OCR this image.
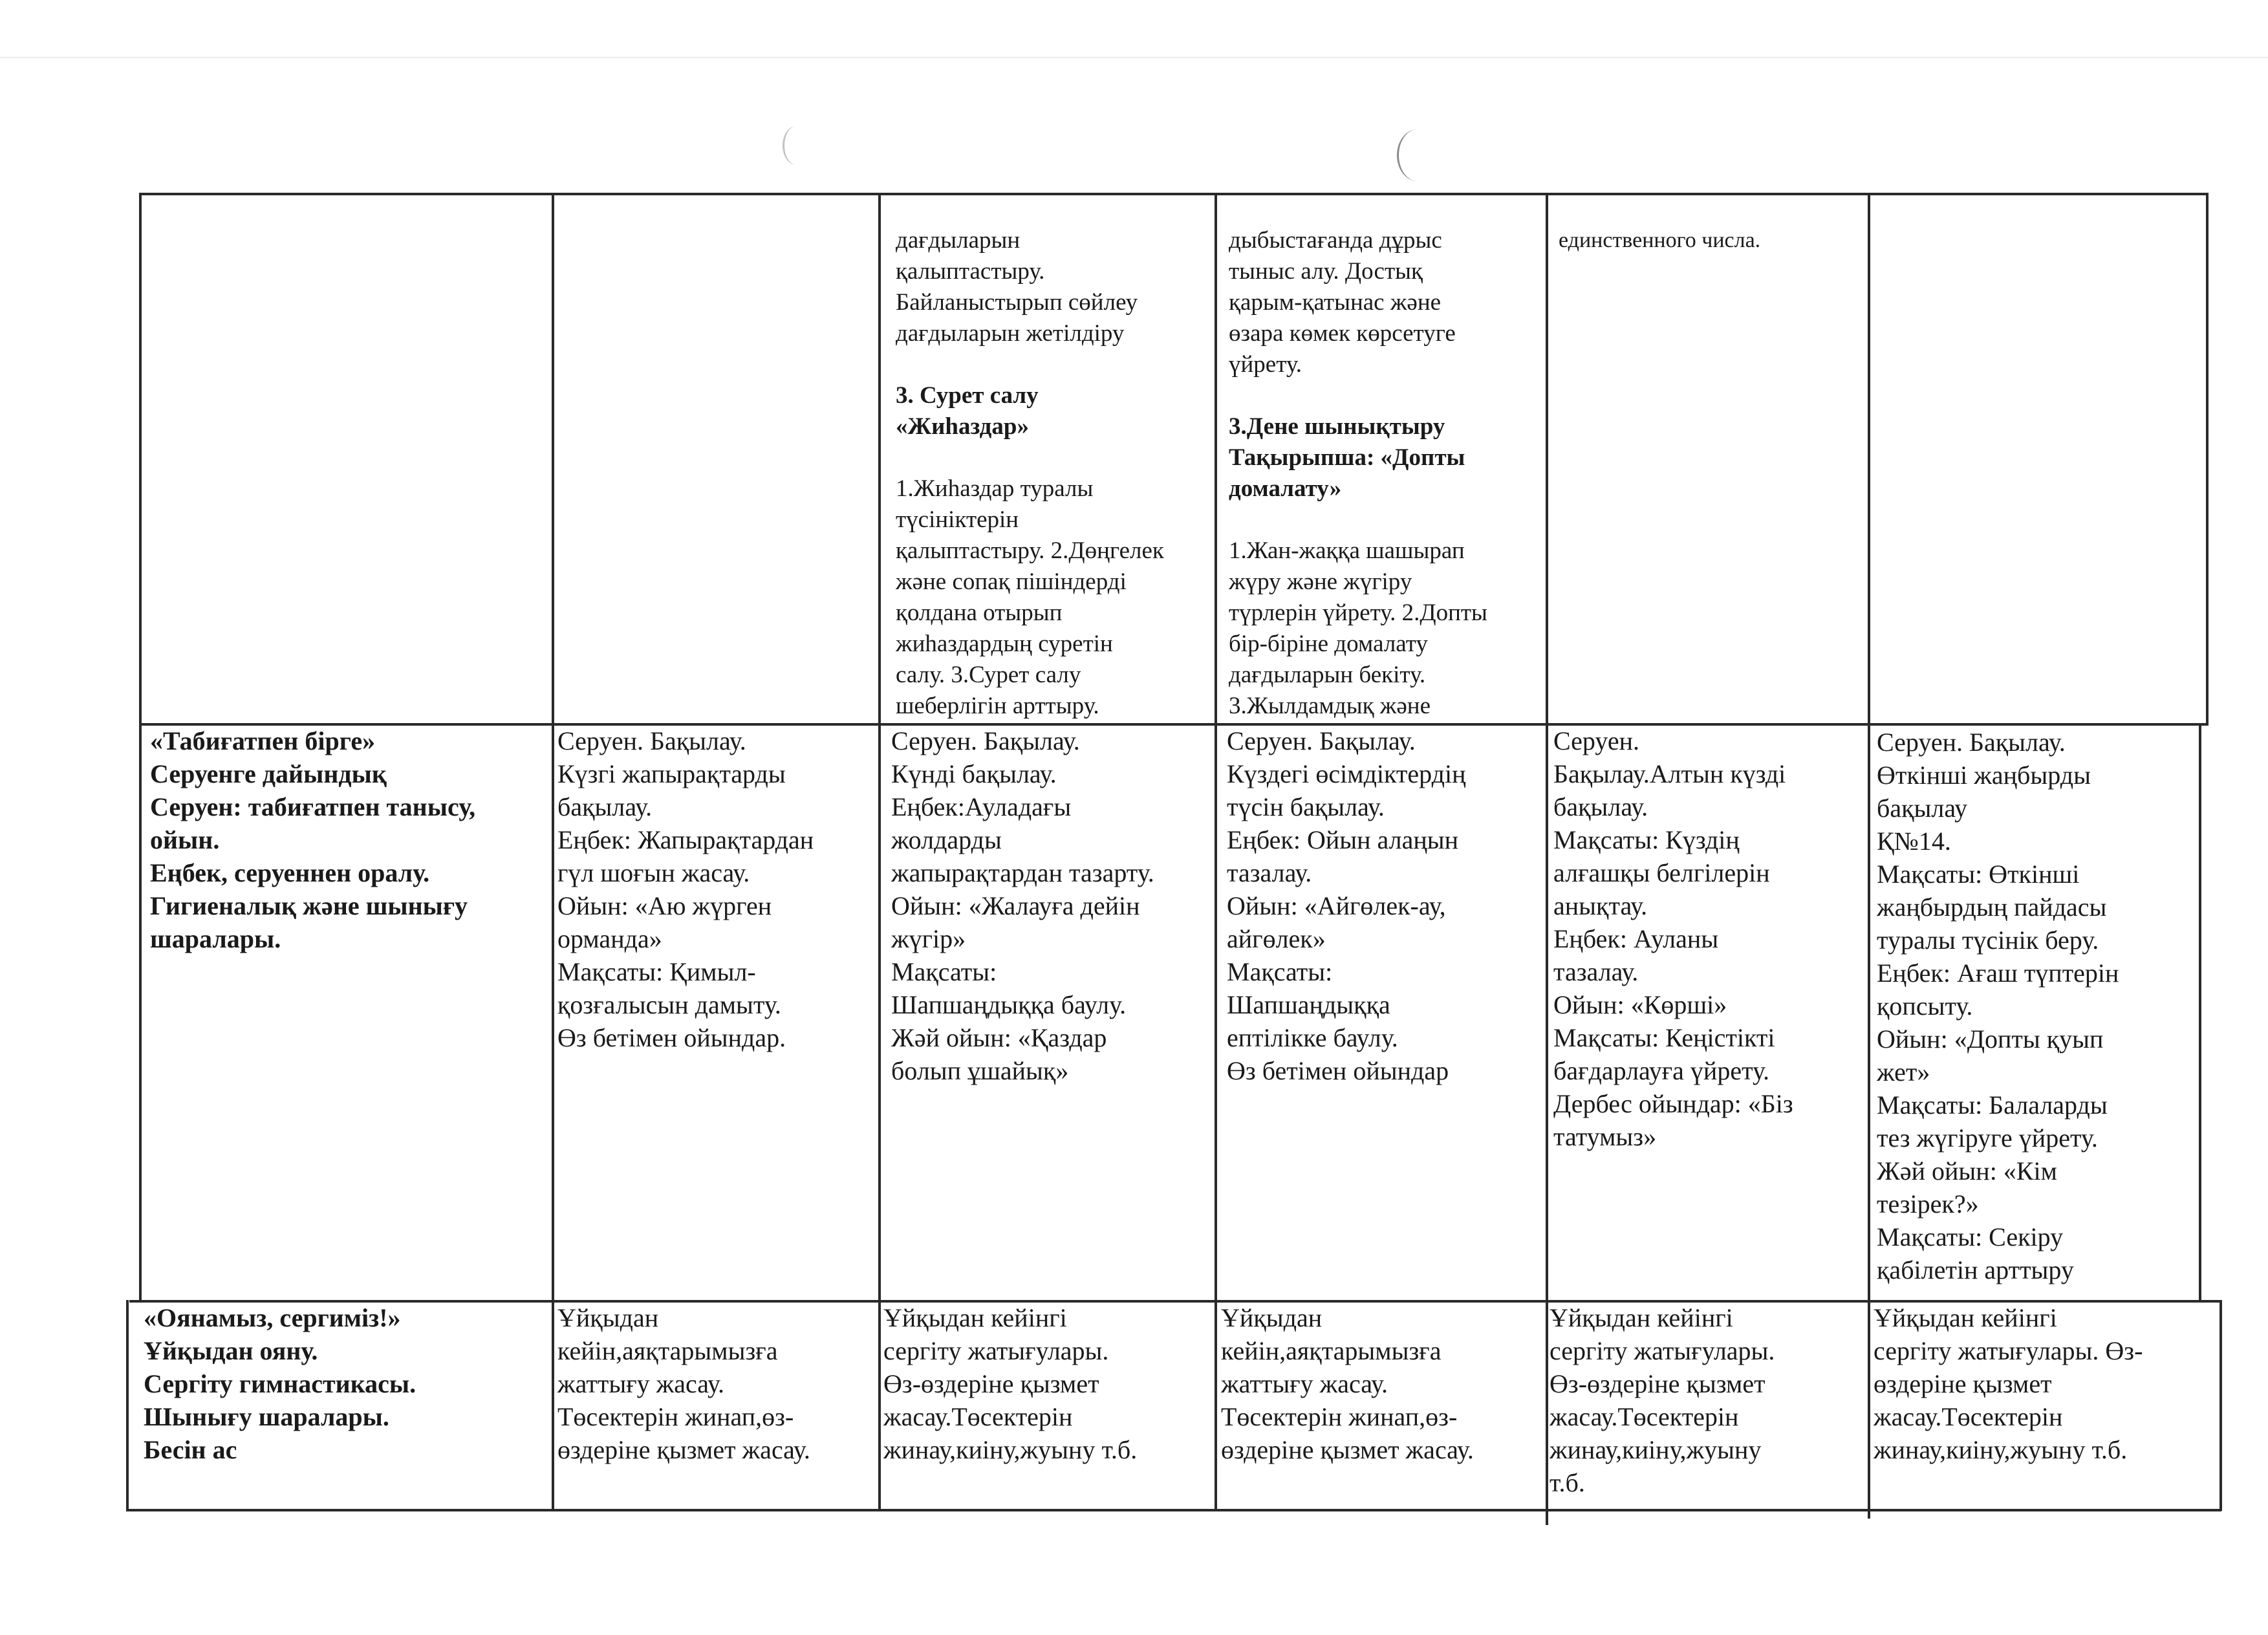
дағдыларын
қалыптастыру.
Байланыстырып сөйлеу
дағдыларын жетілдіру

3. Сурет салу
«Жиhаздар»

1.Жиhаздар туралы
түсініктерін
қалыптастыру. 2.Дөңгелек
және сопақ пішіндерді
қолдана отырып
жиhаздардың суретін
салу. 3.Сурет салу
шеберлігін арттыру.

дыбыстағанда дұрыс
тыныс алу. Достық
қарым-қатынас және
өзара көмек көрсетуге
үйрету.

3.Дене шынықтыру
Тақырыпша: «Допты
домалату»

1.Жан-жаққа шашырап
жүру және жүгіру
түрлерін үйрету. 2.Допты
бір-біріне домалату
дағдыларын бекіту.
3.Жылдамдық және

единственного числа.

«Табиғатпен бірге»
Серуенге дайындық
Серуен: табиғатпен танысу,
ойын.
Еңбек, серуеннен оралу.
Гигиеналық және шынығу
шаралары.
Серуен. Бақылау.
Күзгі жапырақтарды
бақылау.
Еңбек: Жапырақтардан
гүл шоғын жасау.
Ойын: «Аю жүрген
орманда»
Мақсаты: Қимыл-
қозғалысын дамыту.
Өз бетімен ойындар.
Серуен. Бақылау.
Күнді бақылау.
Еңбек:Ауладағы
жолдарды
жапырақтардан тазарту.
Ойын: «Жалауға дейін
жүгір»
Мақсаты:
Шапшаңдыққа баулу.
Жәй ойын: «Қаздар
болып ұшайық»
Серуен. Бақылау.
Күздегі өсімдіктердің
түсін бақылау.
Еңбек: Ойын алаңын
тазалау.
Ойын: «Айгөлек-ау,
айгөлек»
Мақсаты:
Шапшаңдыққа
ептілікке баулу.
Өз бетімен ойындар
Серуен.
Бақылау.Алтын күзді
бақылау.
Мақсаты: Күздің
алғашқы белгілерін
анықтау.
Еңбек: Ауланы
тазалау.
Ойын: «Көрші»
Мақсаты: Кеңістікті
бағдарлауға үйрету.
Дербес ойындар: «Біз
татумыз»
Серуен. Бақылау.
Өткінші жаңбырды
бақылау
Қ№14.
Мақсаты: Өткінші
жаңбырдың пайдасы
туралы түсінік беру.
Еңбек: Ағаш түптерін
қопсыту.
Ойын: «Допты қуып
жет»
Мақсаты: Балаларды
тез жүгіруге үйрету.
Жәй ойын: «Кім
тезірек?»
Мақсаты: Секіру
қабілетін арттыру
«Оянамыз, сергиміз!»
Ұйқыдан ояну.
Сергіту гимнастикасы.
Шынығу шаралары.
Бесін ас
Ұйқыдан
кейін,аяқтарымызға
жаттығу жасау.
Төсектерін жинап,өз-
өздеріне қызмет жасау.
Ұйқыдан кейінгі
сергіту жатығулары.
Өз-өздеріне қызмет
жасау.Төсектерін
жинау,киіну,жуыну т.б.
Ұйқыдан
кейін,аяқтарымызға
жаттығу жасау.
Төсектерін жинап,өз-
өздеріне қызмет жасау.
Ұйқыдан кейінгі
сергіту жатығулары.
Өз-өздеріне қызмет
жасау.Төсектерін
жинау,киіну,жуыну
т.б.
Ұйқыдан кейінгі
сергіту жатығулары. Өз-
өздеріне қызмет
жасау.Төсектерін
жинау,киіну,жуыну т.б.
